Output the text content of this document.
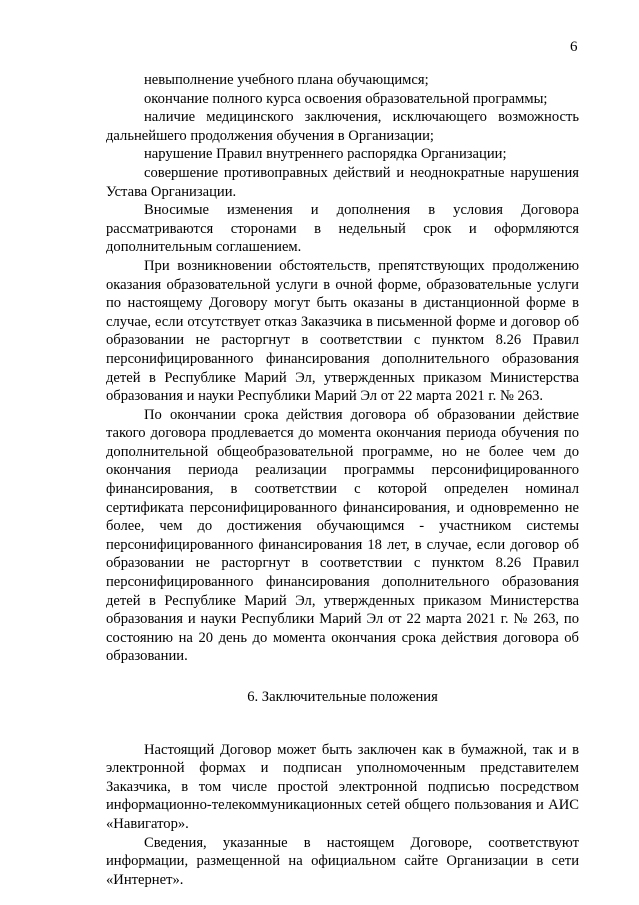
6

невыполнение учебного плана обучающимся;

окончание полного курса освоения образовательной программы;

наличие медицинского заключения, исключающего возможность дальнейшего продолжения обучения в Организации;

нарушение Правил внутреннего распорядка Организации;

совершение противоправных действий и неоднократные нарушения Устава Организации.

Вносимые изменения и дополнения в условия Договора рассматриваются сторонами в недельный срок и оформляются дополнительным соглашением.

При возникновении обстоятельств, препятствующих продолжению оказания образовательной услуги в очной форме, образовательные услуги по настоящему Договору могут быть оказаны в дистанционной форме в случае, если отсутствует отказ Заказчика в письменной форме и договор об образовании не расторгнут в соответствии с пунктом 8.26 Правил персонифицированного финансирования дополнительного образования детей в Республике Марий Эл, утвержденных приказом Министерства образования и науки Республики Марий Эл от 22 марта 2021 г. № 263.

По окончании срока действия договора об образовании действие такого договора продлевается до момента окончания периода обучения по дополнительной общеобразовательной программе, но не более чем до окончания периода реализации программы персонифицированного финансирования, в соответствии с которой определен номинал сертификата персонифицированного финансирования, и одновременно не более, чем до достижения обучающимся - участником системы персонифицированного финансирования 18 лет, в случае, если договор об образовании не расторгнут в соответствии с пунктом 8.26 Правил персонифицированного финансирования дополнительного образования детей в Республике Марий Эл, утвержденных приказом Министерства образования и науки Республики Марий Эл от 22 марта 2021 г. № 263, по состоянию на 20 день до момента окончания срока действия договора об образовании.

6. Заключительные положения

Настоящий Договор может быть заключен как в бумажной, так и в электронной формах и подписан уполномоченным представителем Заказчика, в том числе простой электронной подписью посредством информационно-телекоммуникационных сетей общего пользования и АИС «Навигатор».

Сведения, указанные в настоящем Договоре, соответствуют информации, размещенной на официальном сайте Организации в сети «Интернет».
